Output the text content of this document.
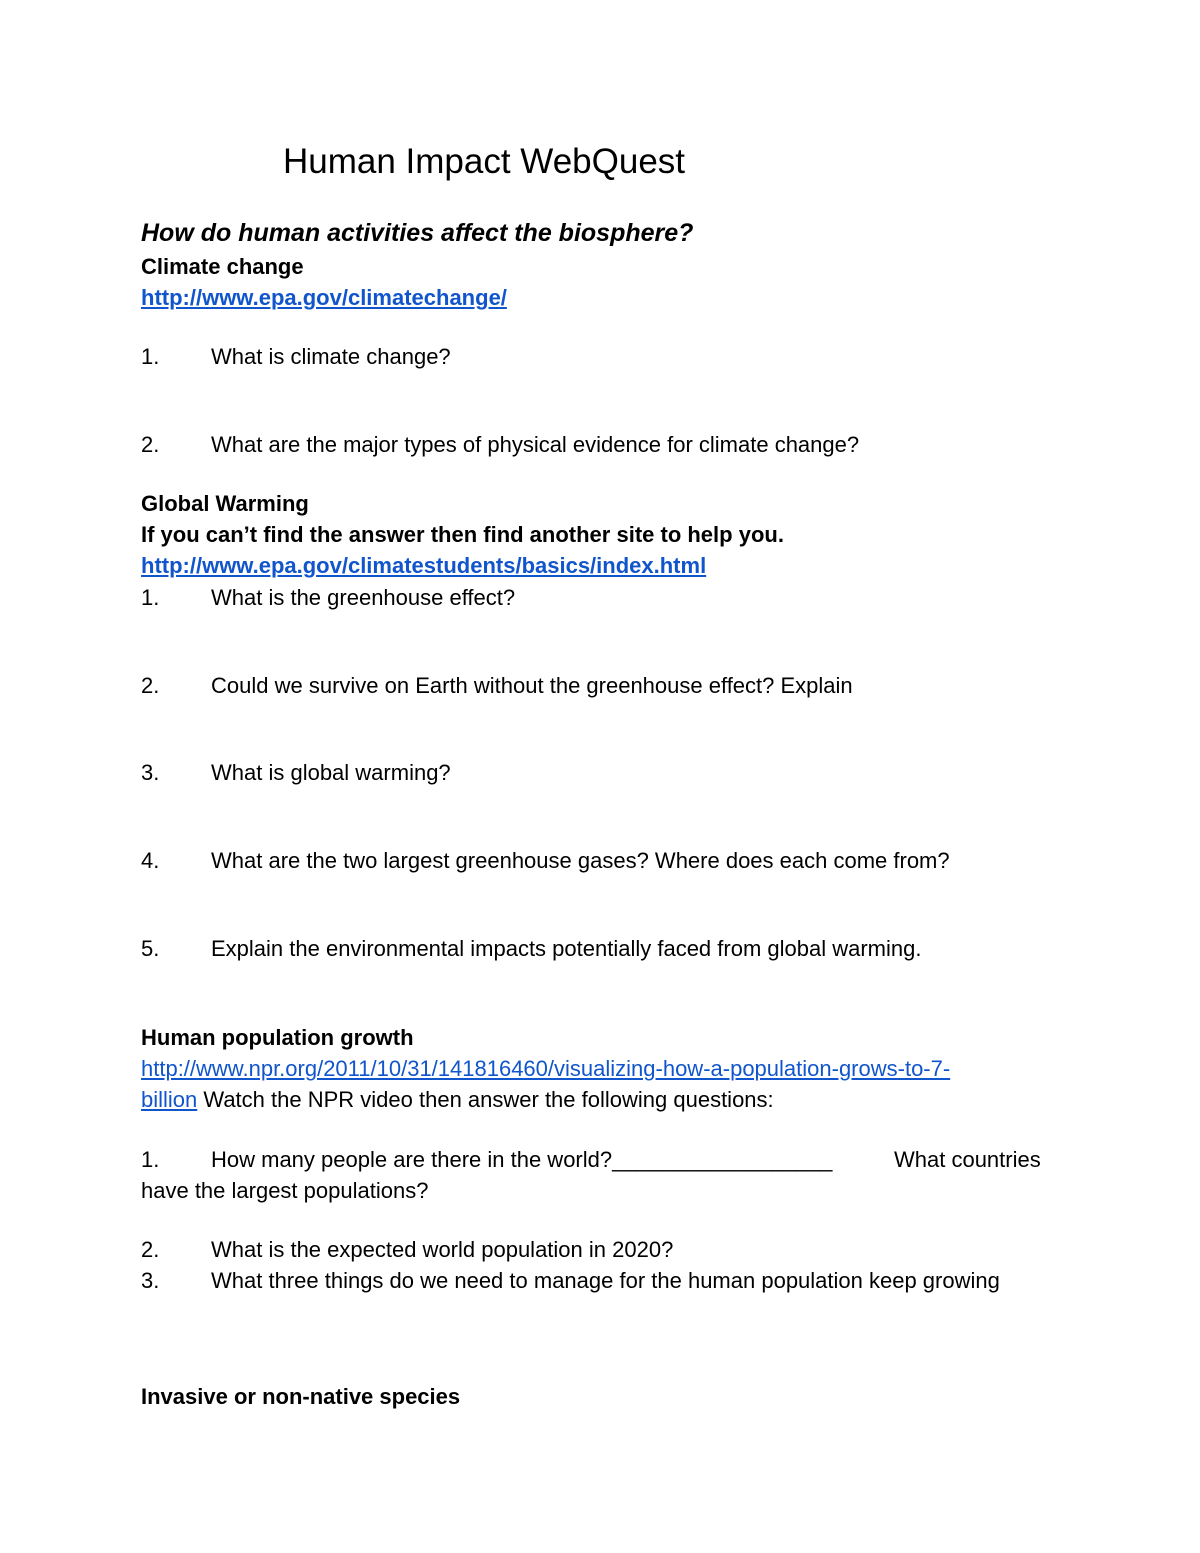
Human Impact WebQuest
How do human activities affect the biosphere?
Climate change
http://www.epa.gov/climatechange/
1. What is climate change?
2. What are the major types of physical evidence for climate change?
Global Warming
If you can’t find the answer then find another site to help you.
http://www.epa.gov/climatestudents/basics/index.html
1. What is the greenhouse effect?
2. Could we survive on Earth without the greenhouse effect? Explain
3. What is global warming?
4. What are the two largest greenhouse gases? Where does each come from?
5. Explain the environmental impacts potentially faced from global warming.
Human population growth
http://www.npr.org/2011/10/31/141816460/visualizing-how-a-population-grows-to-7-
billion Watch the NPR video then answer the following questions:
1. How many people are there in the world?__________________	What countries
have the largest populations?
2. What is the expected world population in 2020?
3. What three things do we need to manage for the human population keep growing
Invasive or non-native species
